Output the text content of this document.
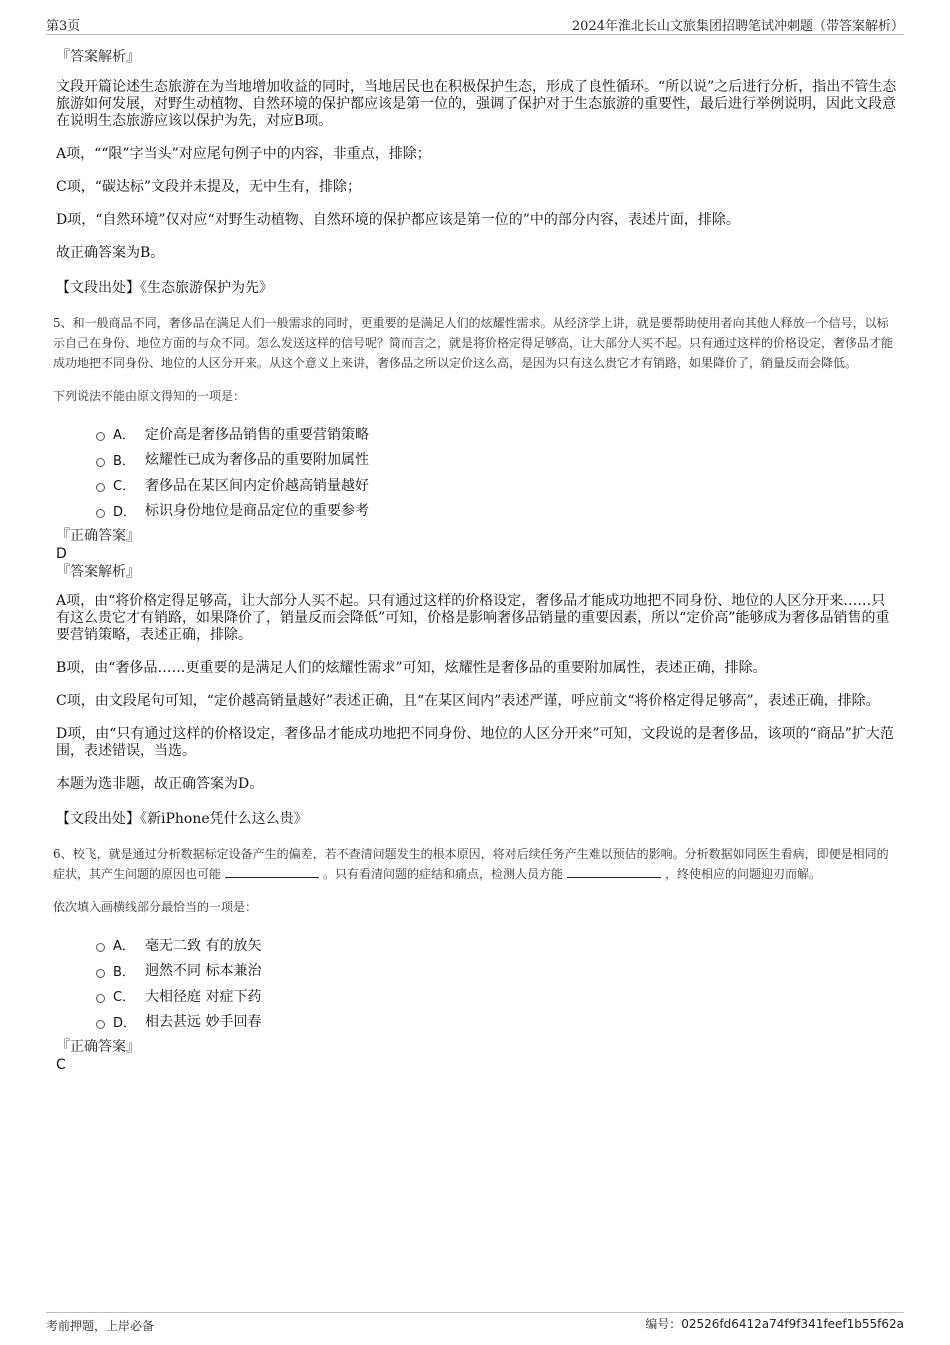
第3页	2024年淮北长山文旅集团招聘笔试冲刺题（带答案解析）

『答案解析』

文段开篇论述生态旅游在为当地增加收益的同时，当地居民也在积极保护生态，形成了良性循环。“所以说”之后进行分析，指出不管生态旅游如何发展，对野生动植物、自然环境的保护都应该是第一位的，强调了保护对于生态旅游的重要性，最后进行举例说明，因此文段意在说明生态旅游应该以保护为先，对应B项。

A项，““限”字当头”对应尾句例子中的内容，非重点，排除；

C项，“碳达标”文段并未提及，无中生有，排除；

D项，“自然环境”仅对应“对野生动植物、自然环境的保护都应该是第一位的”中的部分内容，表述片面，排除。

故正确答案为B。

【文段出处】《生态旅游保护为先》

5、和一般商品不同，奢侈品在满足人们一般需求的同时，更重要的是满足人们的炫耀性需求。从经济学上讲，就是要帮助使用者向其他人释放一个信号，以标示自己在身份、地位方面的与众不同。怎么发送这样的信号呢？简而言之，就是将价格定得足够高，让大部分人买不起。只有通过这样的价格设定，奢侈品才能成功地把不同身份、地位的人区分开来。从这个意义上来讲，奢侈品之所以定价这么高，是因为只有这么贵它才有销路，如果降价了，销量反而会降低。

下列说法不能由原文得知的一项是：

A． 定价高是奢侈品销售的重要营销策略
B． 炫耀性已成为奢侈品的重要附加属性
C． 奢侈品在某区间内定价越高销量越好
D． 标识身份地位是商品定位的重要参考

『正确答案』

D

『答案解析』

A项，由“将价格定得足够高，让大部分人买不起。只有通过这样的价格设定，奢侈品才能成功地把不同身份、地位的人区分开来……只有这么贵它才有销路，如果降价了，销量反而会降低”可知，价格是影响奢侈品销量的重要因素，所以“定价高”能够成为奢侈品销售的重要营销策略，表述正确，排除。

B项，由“奢侈品……更重要的是满足人们的炫耀性需求”可知，炫耀性是奢侈品的重要附加属性，表述正确，排除。

C项，由文段尾句可知，“定价越高销量越好”表述正确，且“在某区间内”表述严谨，呼应前文“将价格定得足够高”，表述正确，排除。

D项，由“只有通过这样的价格设定，奢侈品才能成功地把不同身份、地位的人区分开来”可知，文段说的是奢侈品，该项的“商品”扩大范围，表述错误，当选。

本题为选非题，故正确答案为D。

【文段出处】《新iPhone凭什么这么贵》

6、校飞，就是通过分析数据标定设备产生的偏差，若不查清问题发生的根本原因，将对后续任务产生难以预估的影响。分析数据如同医生看病，即便是相同的症状，其产生问题的原因也可能	。只有看清问题的症结和痛点，检测人员方能	，终使相应的问题迎刃而解。

依次填入画横线部分最恰当的一项是：

A． 毫无二致 有的放矢
B． 迥然不同 标本兼治
C． 大相径庭 对症下药
D． 相去甚远 妙手回春

『正确答案』

C

考前押题，上岸必备	编号：02526fd6412a74f9f341feef1b55f62a
